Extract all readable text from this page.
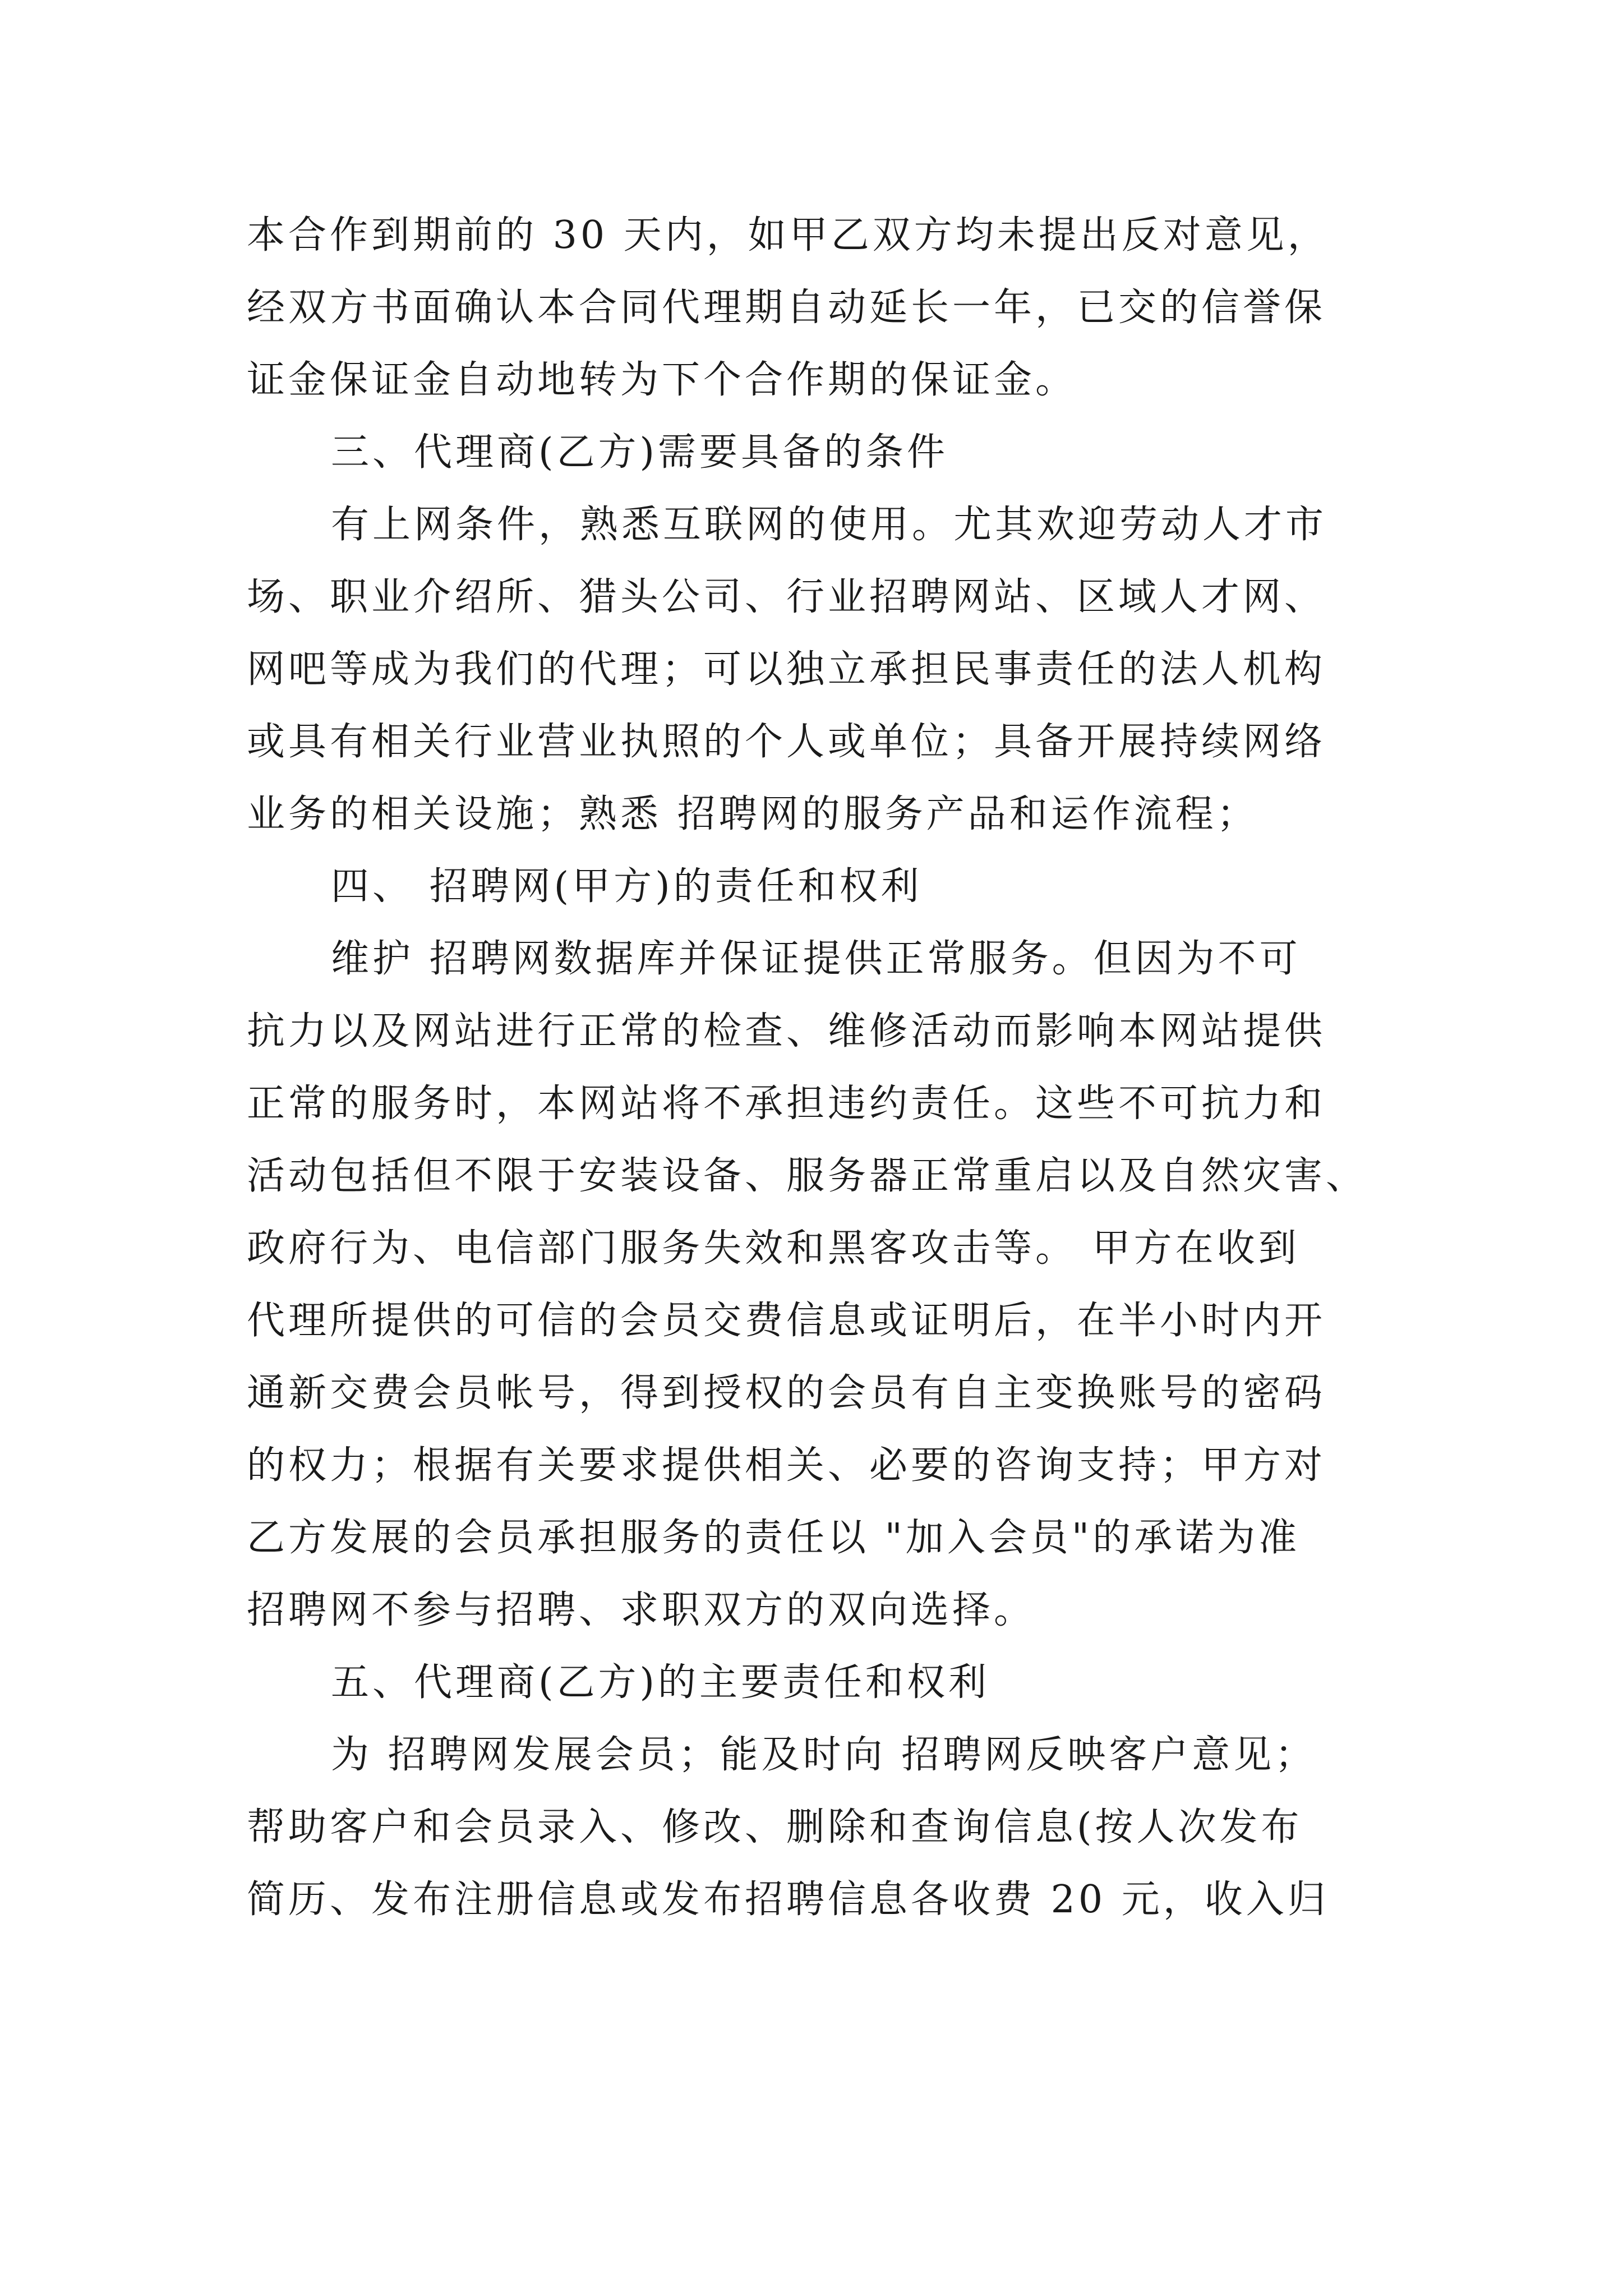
本合作到期前的 30 天内，如甲乙双方均未提出反对意见，
经双方书面确认本合同代理期自动延长一年，已交的信誉保
证金保证金自动地转为下个合作期的保证金。
三、代理商(乙方)需要具备的条件
有上网条件，熟悉互联网的使用。尤其欢迎劳动人才市
场、职业介绍所、猎头公司、行业招聘网站、区域人才网、
网吧等成为我们的代理；可以独立承担民事责任的法人机构
或具有相关行业营业执照的个人或单位；具备开展持续网络
业务的相关设施；熟悉 招聘网的服务产品和运作流程；
四、 招聘网(甲方)的责任和权利
维护 招聘网数据库并保证提供正常服务。但因为不可
抗力以及网站进行正常的检查、维修活动而影响本网站提供
正常的服务时，本网站将不承担违约责任。这些不可抗力和
活动包括但不限于安装设备、服务器正常重启以及自然灾害、
政府行为、电信部门服务失效和黑客攻击等。 甲方在收到
代理所提供的可信的会员交费信息或证明后，在半小时内开
通新交费会员帐号，得到授权的会员有自主变换账号的密码
的权力；根据有关要求提供相关、必要的咨询支持；甲方对
乙方发展的会员承担服务的责任以 "加入会员"的承诺为准
招聘网不参与招聘、求职双方的双向选择。
五、代理商(乙方)的主要责任和权利
为 招聘网发展会员；能及时向 招聘网反映客户意见；
帮助客户和会员录入、修改、删除和查询信息(按人次发布
简历、发布注册信息或发布招聘信息各收费 20 元，收入归
